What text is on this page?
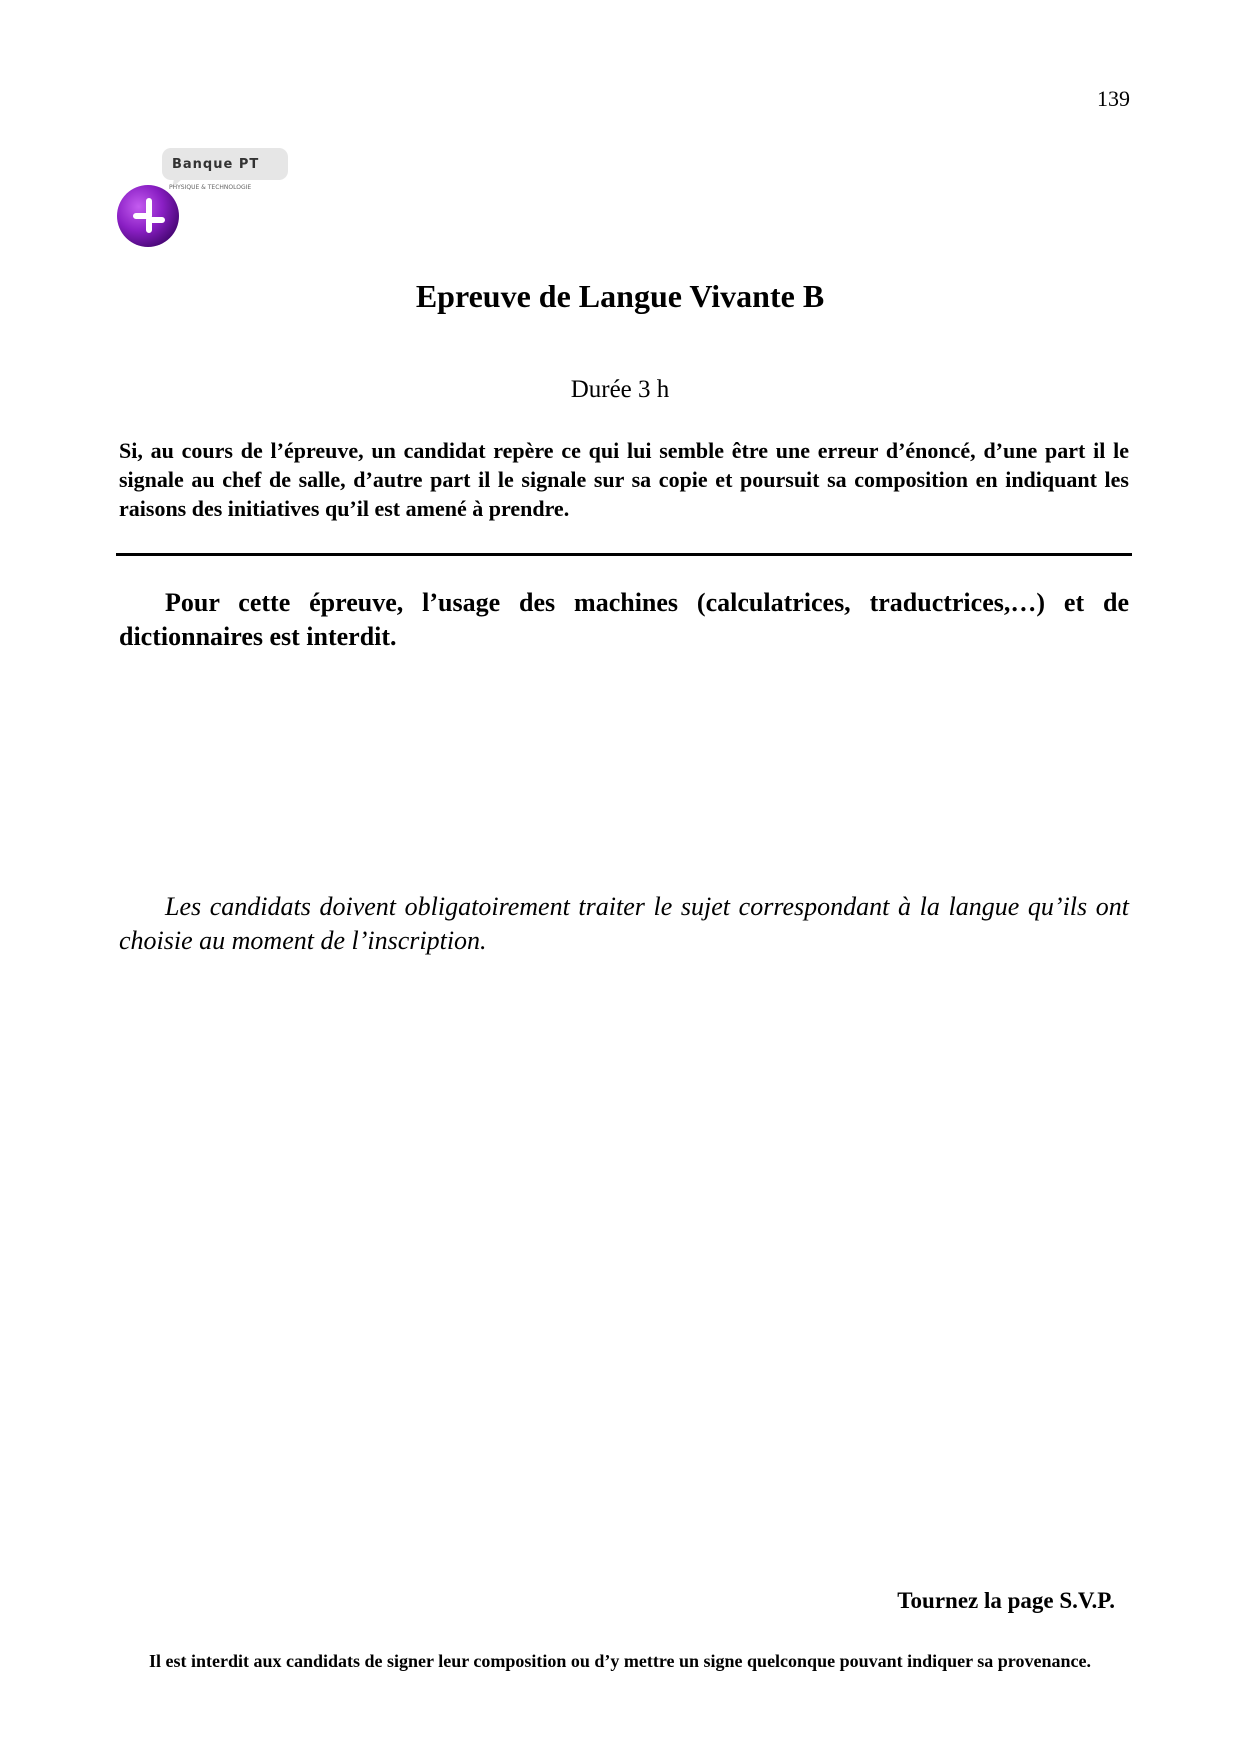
139
Banque PT
PHYSIQUE & TECHNOLOGIE
Epreuve de Langue Vivante B
Durée 3 h
Si, au cours de l’épreuve, un candidat repère ce qui lui semble être une erreur d’énoncé, d’une part il le signale au chef de salle, d’autre part il le signale sur sa copie et poursuit sa composition en indiquant les raisons des initiatives qu’il est amené à prendre.
Pour cette épreuve, l’usage des machines (calculatrices, traductrices,…) et de dictionnaires est interdit.
Les candidats doivent obligatoirement traiter le sujet correspondant à la langue qu’ils ont choisie au moment de l’inscription.
Tournez la page S.V.P.
Il est interdit aux candidats de signer leur composition ou d’y mettre un signe quelconque pouvant indiquer sa provenance.
